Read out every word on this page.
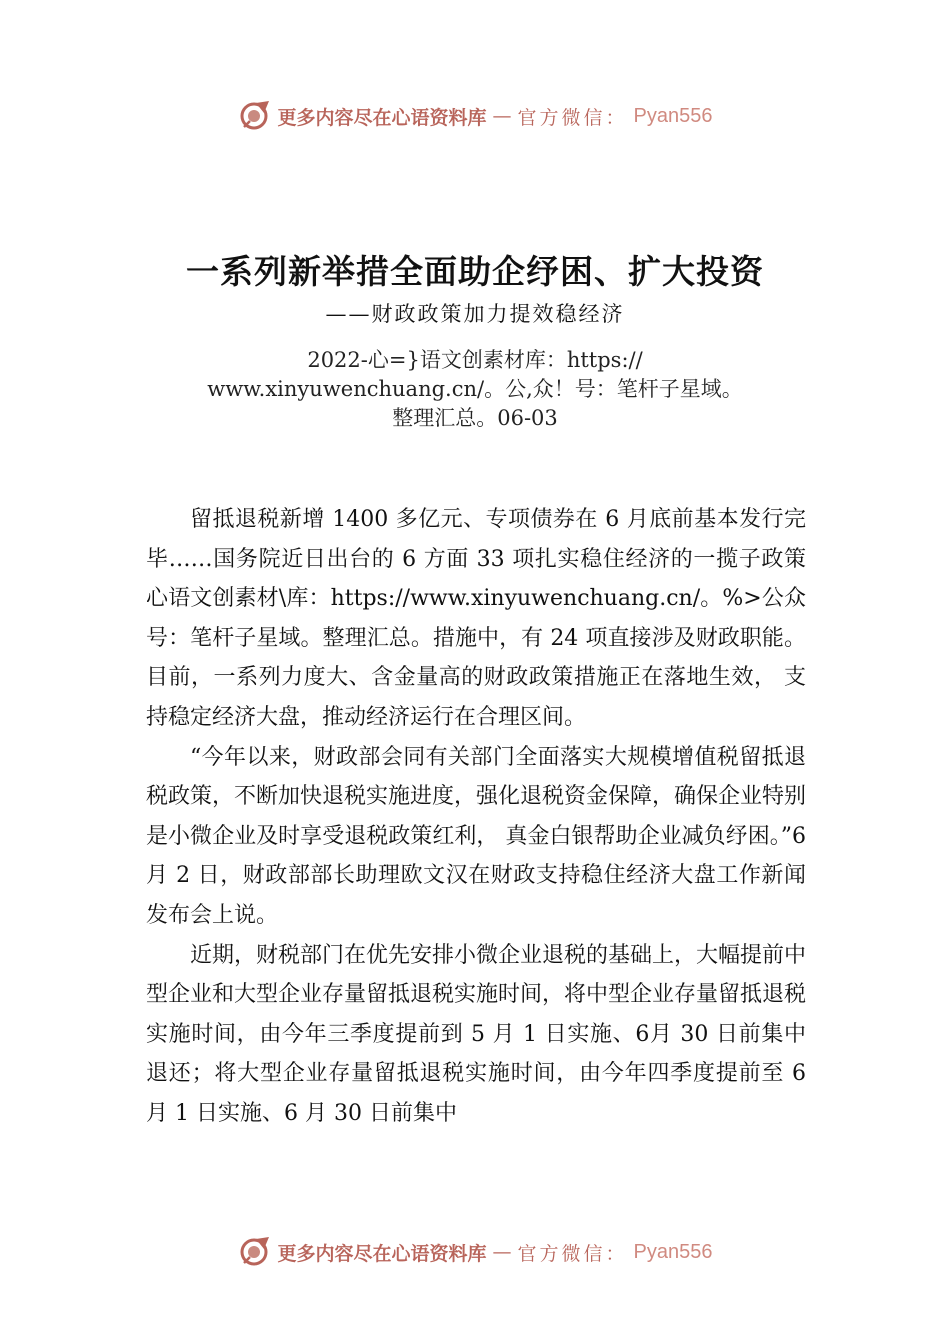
更多内容尽在心语资料库 — 官方微信： Pyan556
一系列新举措全面助企纾困、扩大投资
——财政政策加力提效稳经济
2022-心=}语文创素材库：https://
www.xinyuwenchuang.cn/。公,众！号：笔杆子星域。
整理汇总。06-03

留抵退税新增 1400 多亿元、专项债券在 6 月底前基本发行完毕……国务院近日出台的 6 方面 33 项扎实稳住经济的一揽子政策心语文创素材\库：https://www.xinyuwenchuang.cn/。%>公众号：笔杆子星域。整理汇总。措施中，有 24 项直接涉及财政职能。目前，一系列力度大、含金量高的财政政策措施正在落地生效， 支持稳定经济大盘，推动经济运行在合理区间。

“今年以来，财政部会同有关部门全面落实大规模增值税留抵退税政策，不断加快退税实施进度，强化退税资金保障，确保企业特别是小微企业及时享受退税政策红利， 真金白银帮助企业减负纾困。”6月 2 日，财政部部长助理欧文汉在财政支持稳住经济大盘工作新闻发布会上说。

近期，财税部门在优先安排小微企业退税的基础上，大幅提前中型企业和大型企业存量留抵退税实施时间，将中型企业存量留抵退税实施时间，由今年三季度提前到 5 月 1 日实施、6月 30 日前集中退还；将大型企业存量留抵退税实施时间，由今年四季度提前至 6 月 1 日实施、6 月 30 日前集中

更多内容尽在心语资料库 — 官方微信： Pyan556
